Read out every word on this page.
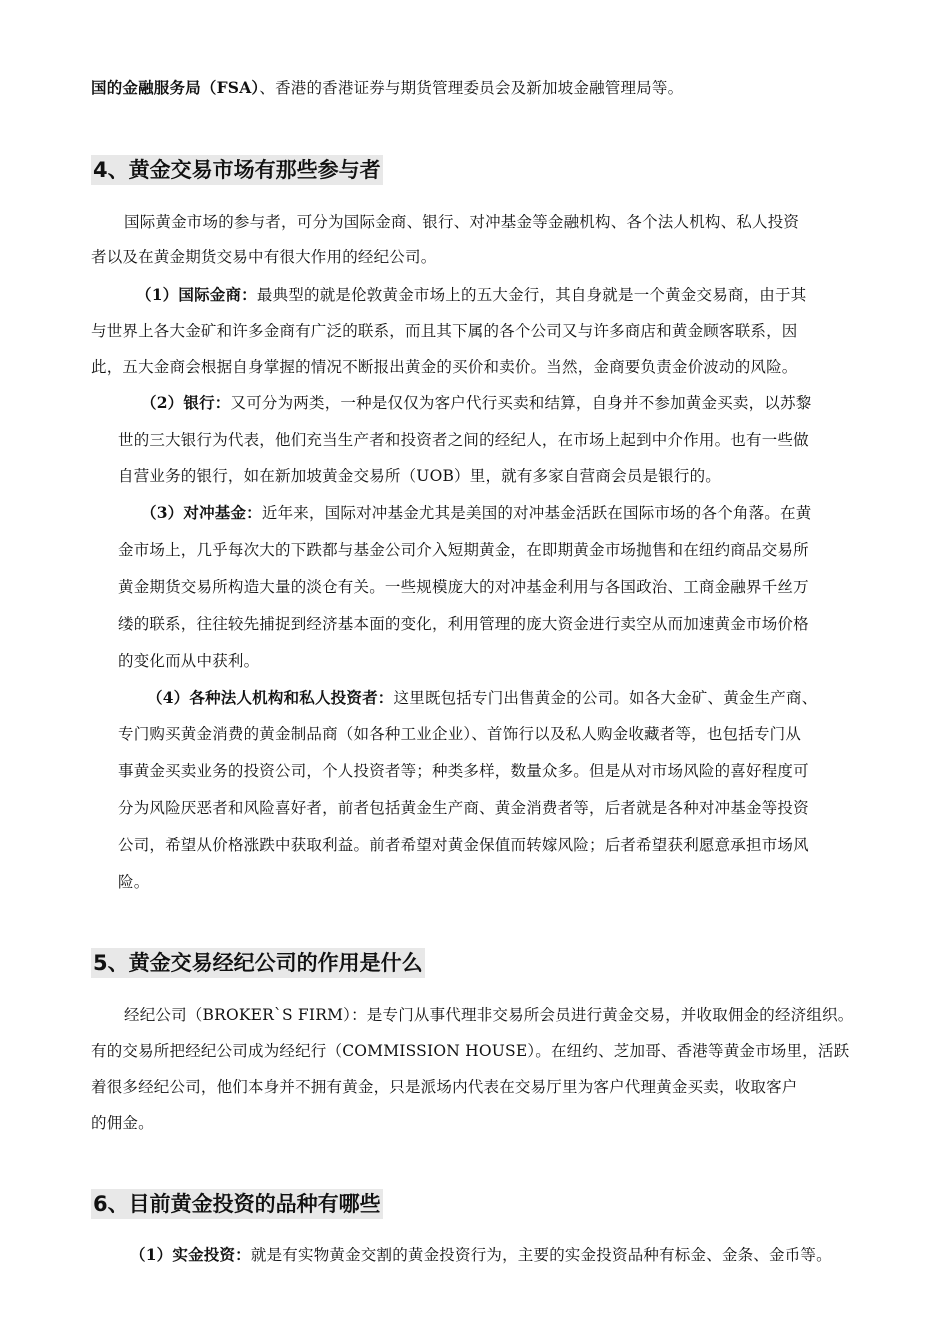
国的金融服务局（FSA）、香港的香港证券与期货管理委员会及新加坡金融管理局等。
4、黄金交易市场有那些参与者
国际黄金市场的参与者，可分为国际金商、银行、对冲基金等金融机构、各个法人机构、私人投资
者以及在黄金期货交易中有很大作用的经纪公司。
（1）国际金商：最典型的就是伦敦黄金市场上的五大金行，其自身就是一个黄金交易商，由于其
与世界上各大金矿和许多金商有广泛的联系，而且其下属的各个公司又与许多商店和黄金顾客联系，因
此，五大金商会根据自身掌握的情况不断报出黄金的买价和卖价。当然，金商要负责金价波动的风险。
（2）银行：又可分为两类，一种是仅仅为客户代行买卖和结算，自身并不参加黄金买卖，以苏黎
世的三大银行为代表，他们充当生产者和投资者之间的经纪人，在市场上起到中介作用。也有一些做
自营业务的银行，如在新加坡黄金交易所（UOB）里，就有多家自营商会员是银行的。
（3）对冲基金：近年来，国际对冲基金尤其是美国的对冲基金活跃在国际市场的各个角落。在黄
金市场上，几乎每次大的下跌都与基金公司介入短期黄金，在即期黄金市场抛售和在纽约商品交易所
黄金期货交易所构造大量的淡仓有关。一些规模庞大的对冲基金利用与各国政治、工商金融界千丝万
缕的联系，往往较先捕捉到经济基本面的变化，利用管理的庞大资金进行卖空从而加速黄金市场价格
的变化而从中获利。
（4）各种法人机构和私人投资者：这里既包括专门出售黄金的公司。如各大金矿、黄金生产商、
专门购买黄金消费的黄金制品商（如各种工业企业）、首饰行以及私人购金收藏者等，也包括专门从
事黄金买卖业务的投资公司，个人投资者等；种类多样，数量众多。但是从对市场风险的喜好程度可
分为风险厌恶者和风险喜好者，前者包括黄金生产商、黄金消费者等，后者就是各种对冲基金等投资
公司，希望从价格涨跌中获取利益。前者希望对黄金保值而转嫁风险；后者希望获利愿意承担市场风
险。
5、黄金交易经纪公司的作用是什么
经纪公司（BROKER`S FIRM）：是专门从事代理非交易所会员进行黄金交易，并收取佣金的经济组织。
有的交易所把经纪公司成为经纪行（COMMISSION HOUSE）。在纽约、芝加哥、香港等黄金市场里，活跃
着很多经纪公司，他们本身并不拥有黄金，只是派场内代表在交易厅里为客户代理黄金买卖，收取客户
的佣金。
6、目前黄金投资的品种有哪些
（1）实金投资：就是有实物黄金交割的黄金投资行为，主要的实金投资品种有标金、金条、金币等。
